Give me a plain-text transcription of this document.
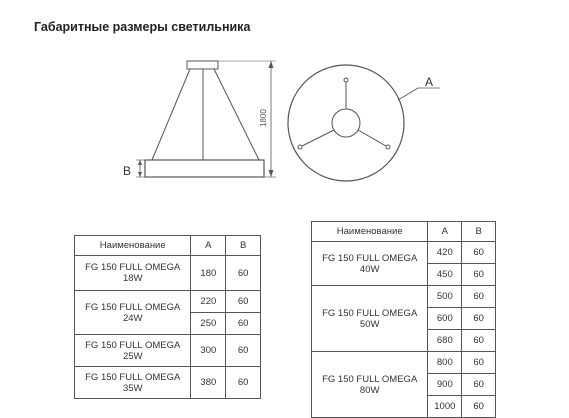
Габаритные размеры светильника
1800
B
A
Наименование	A	B
FG 150 FULL OMEGA 18W	180	60
FG 150 FULL OMEGA 24W	220	60
	250	60
FG 150 FULL OMEGA 25W	300	60
FG 150 FULL OMEGA 35W	380	60
Наименование	A	B
FG 150 FULL OMEGA 40W	420	60
	450	60
FG 150 FULL OMEGA 50W	500	60
	600	60
	680	60
FG 150 FULL OMEGA 80W	800	60
	900	60
	1000	60
